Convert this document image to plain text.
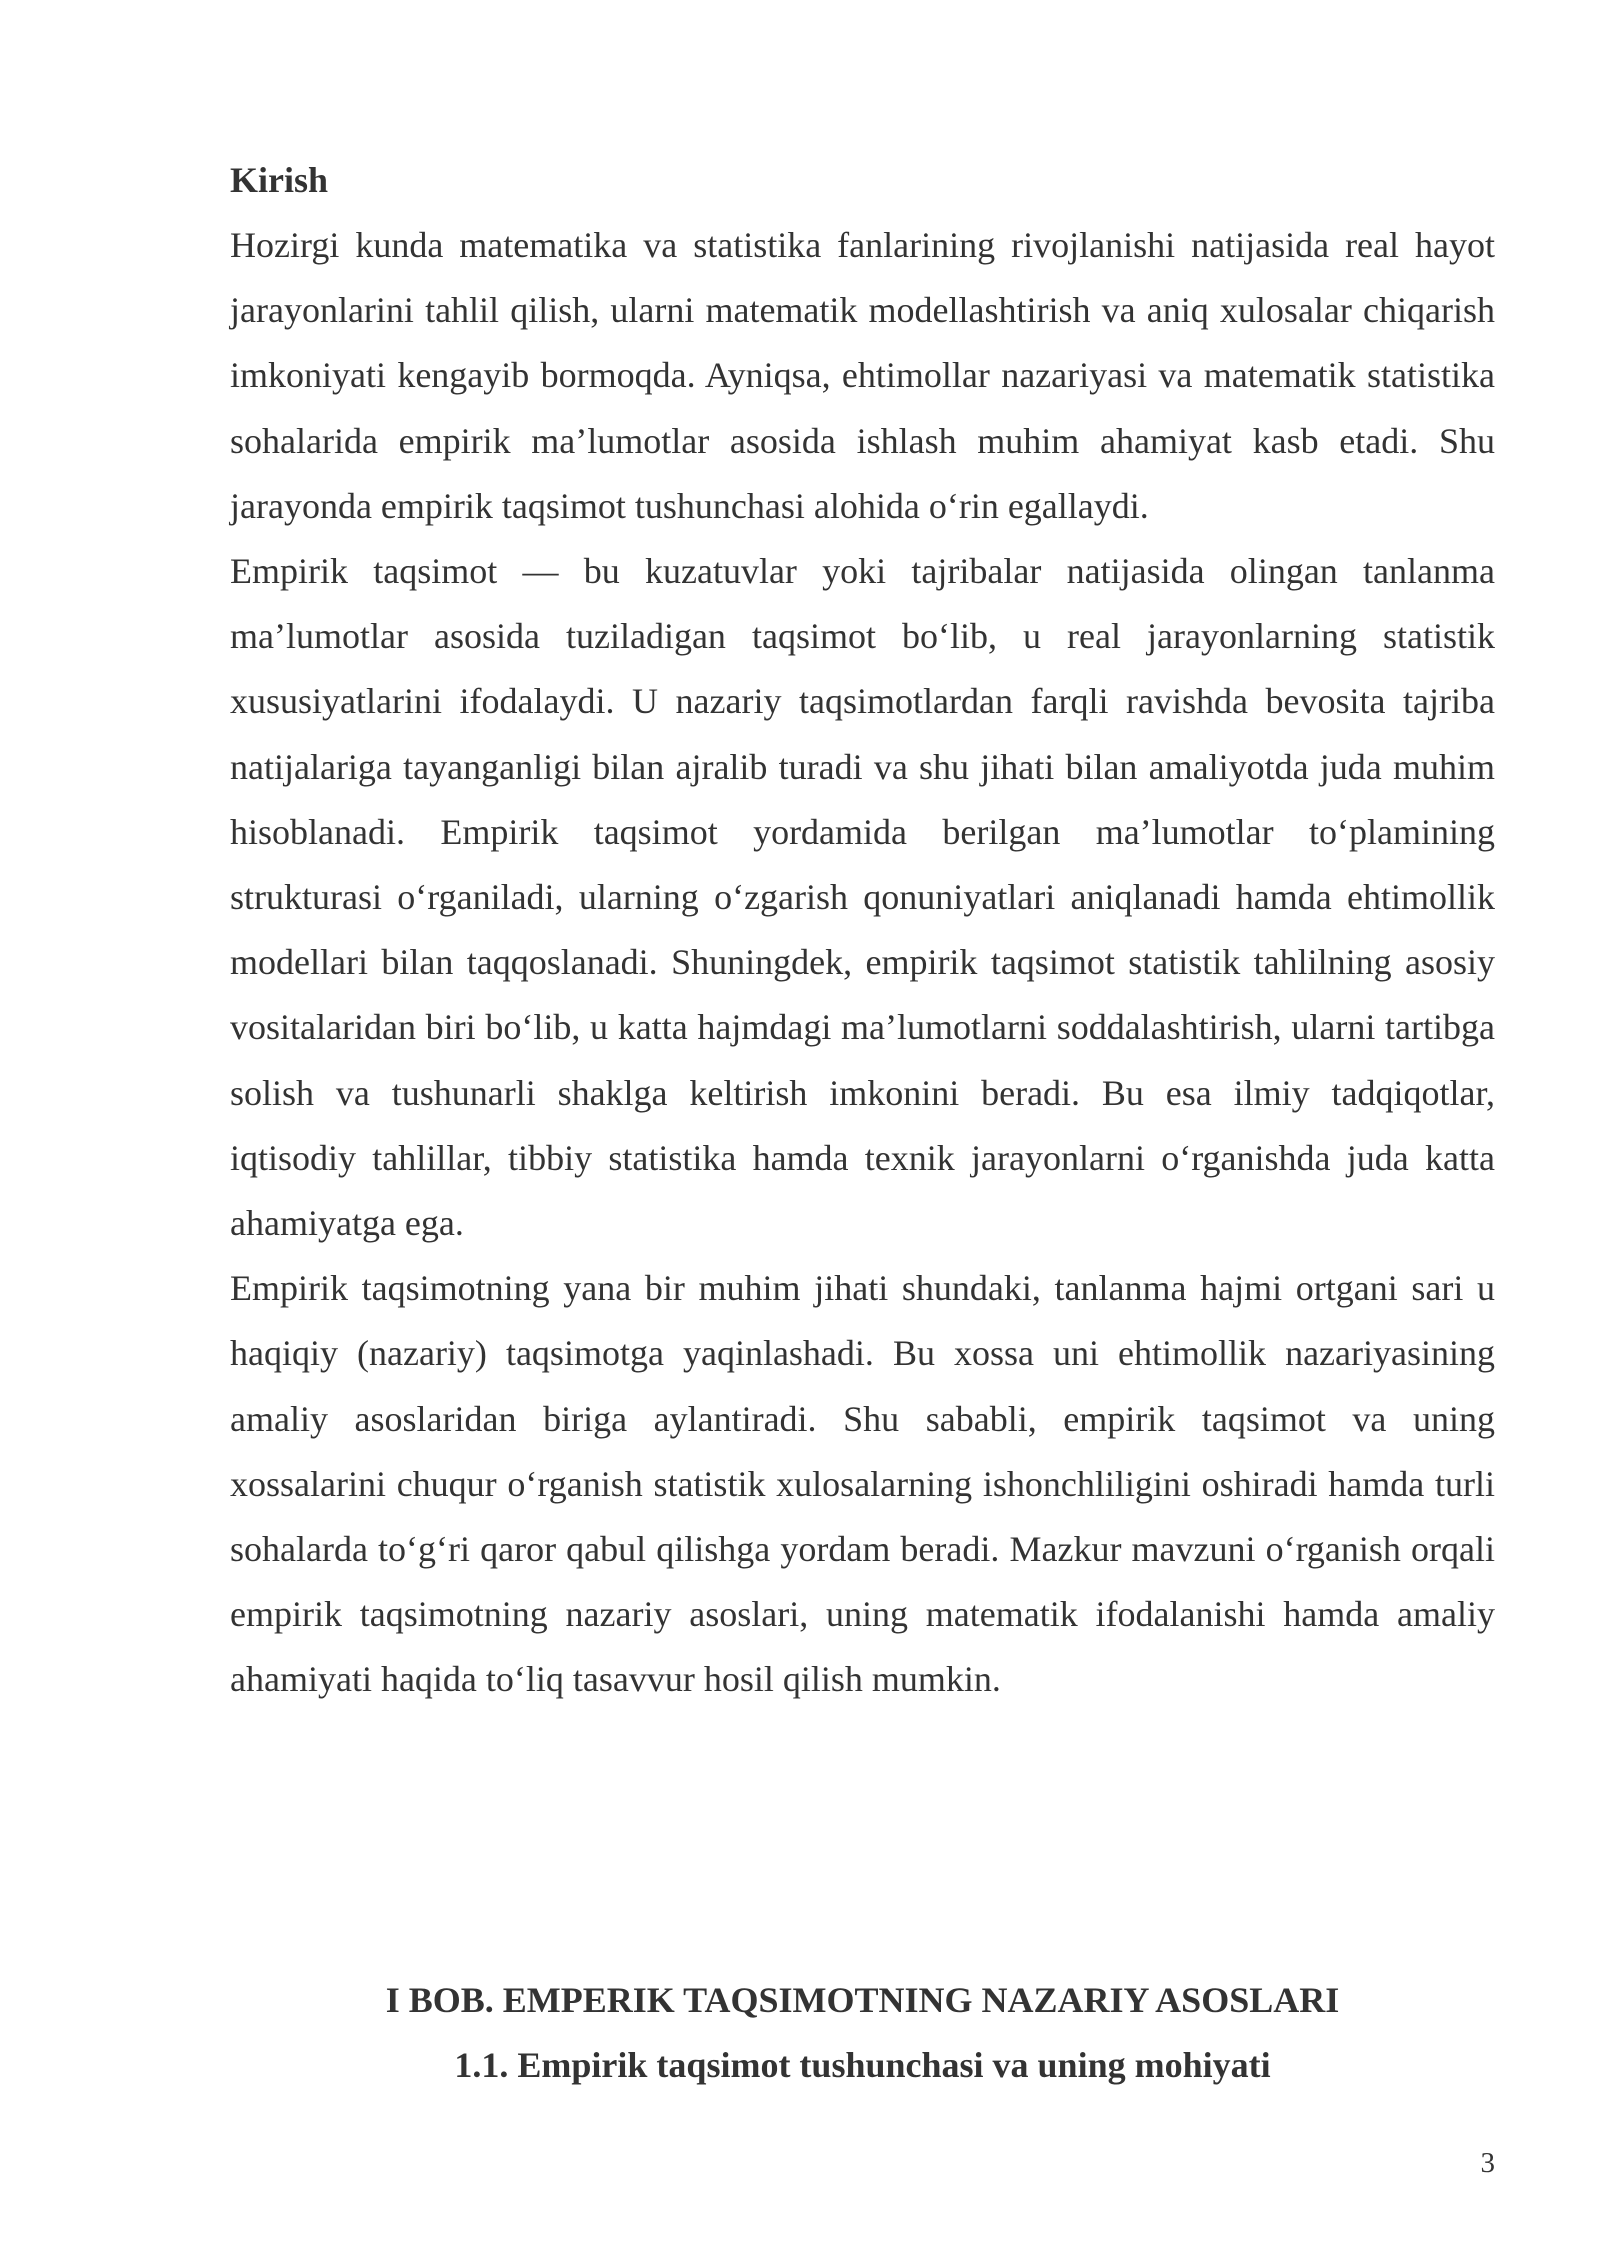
Kirish

Hozirgi kunda matematika va statistika fanlarining rivojlanishi natijasida real hayot jarayonlarini tahlil qilish, ularni matematik modellashtirish va aniq xulosalar chiqarish imkoniyati kengayib bormoqda. Ayniqsa, ehtimollar nazariyasi va matematik statistika sohalarida empirik ma’lumotlar asosida ishlash muhim ahamiyat kasb etadi. Shu jarayonda empirik taqsimot tushunchasi alohida o‘rin egallaydi.

Empirik taqsimot — bu kuzatuvlar yoki tajribalar natijasida olingan tanlanma ma’lumotlar asosida tuziladigan taqsimot bo‘lib, u real jarayonlarning statistik xususiyatlarini ifodalaydi. U nazariy taqsimotlardan farqli ravishda bevosita tajriba natijalariga tayanganligi bilan ajralib turadi va shu jihati bilan amaliyotda juda muhim hisoblanadi. Empirik taqsimot yordamida berilgan ma’lumotlar to‘plamining strukturasi o‘rganiladi, ularning o‘zgarish qonuniyatlari aniqlanadi hamda ehtimollik modellari bilan taqqoslanadi. Shuningdek, empirik taqsimot statistik tahlilning asosiy vositalaridan biri bo‘lib, u katta hajmdagi ma’lumotlarni soddalashtirish, ularni tartibga solish va tushunarli shaklga keltirish imkonini beradi. Bu esa ilmiy tadqiqotlar, iqtisodiy tahlillar, tibbiy statistika hamda texnik jarayonlarni o‘rganishda juda katta ahamiyatga ega.

Empirik taqsimotning yana bir muhim jihati shundaki, tanlanma hajmi ortgani sari u haqiqiy (nazariy) taqsimotga yaqinlashadi. Bu xossa uni ehtimollik nazariyasining amaliy asoslaridan biriga aylantiradi. Shu sababli, empirik taqsimot va uning xossalarini chuqur o‘rganish statistik xulosalarning ishonchliligini oshiradi hamda turli sohalarda to‘g‘ri qaror qabul qilishga yordam beradi. Mazkur mavzuni o‘rganish orqali empirik taqsimotning nazariy asoslari, uning matematik ifodalanishi hamda amaliy ahamiyati haqida to‘liq tasavvur hosil qilish mumkin.

I BOB. EMPERIK TAQSIMOTNING NAZARIY ASOSLARI

1.1. Empirik taqsimot tushunchasi va uning mohiyati

3
